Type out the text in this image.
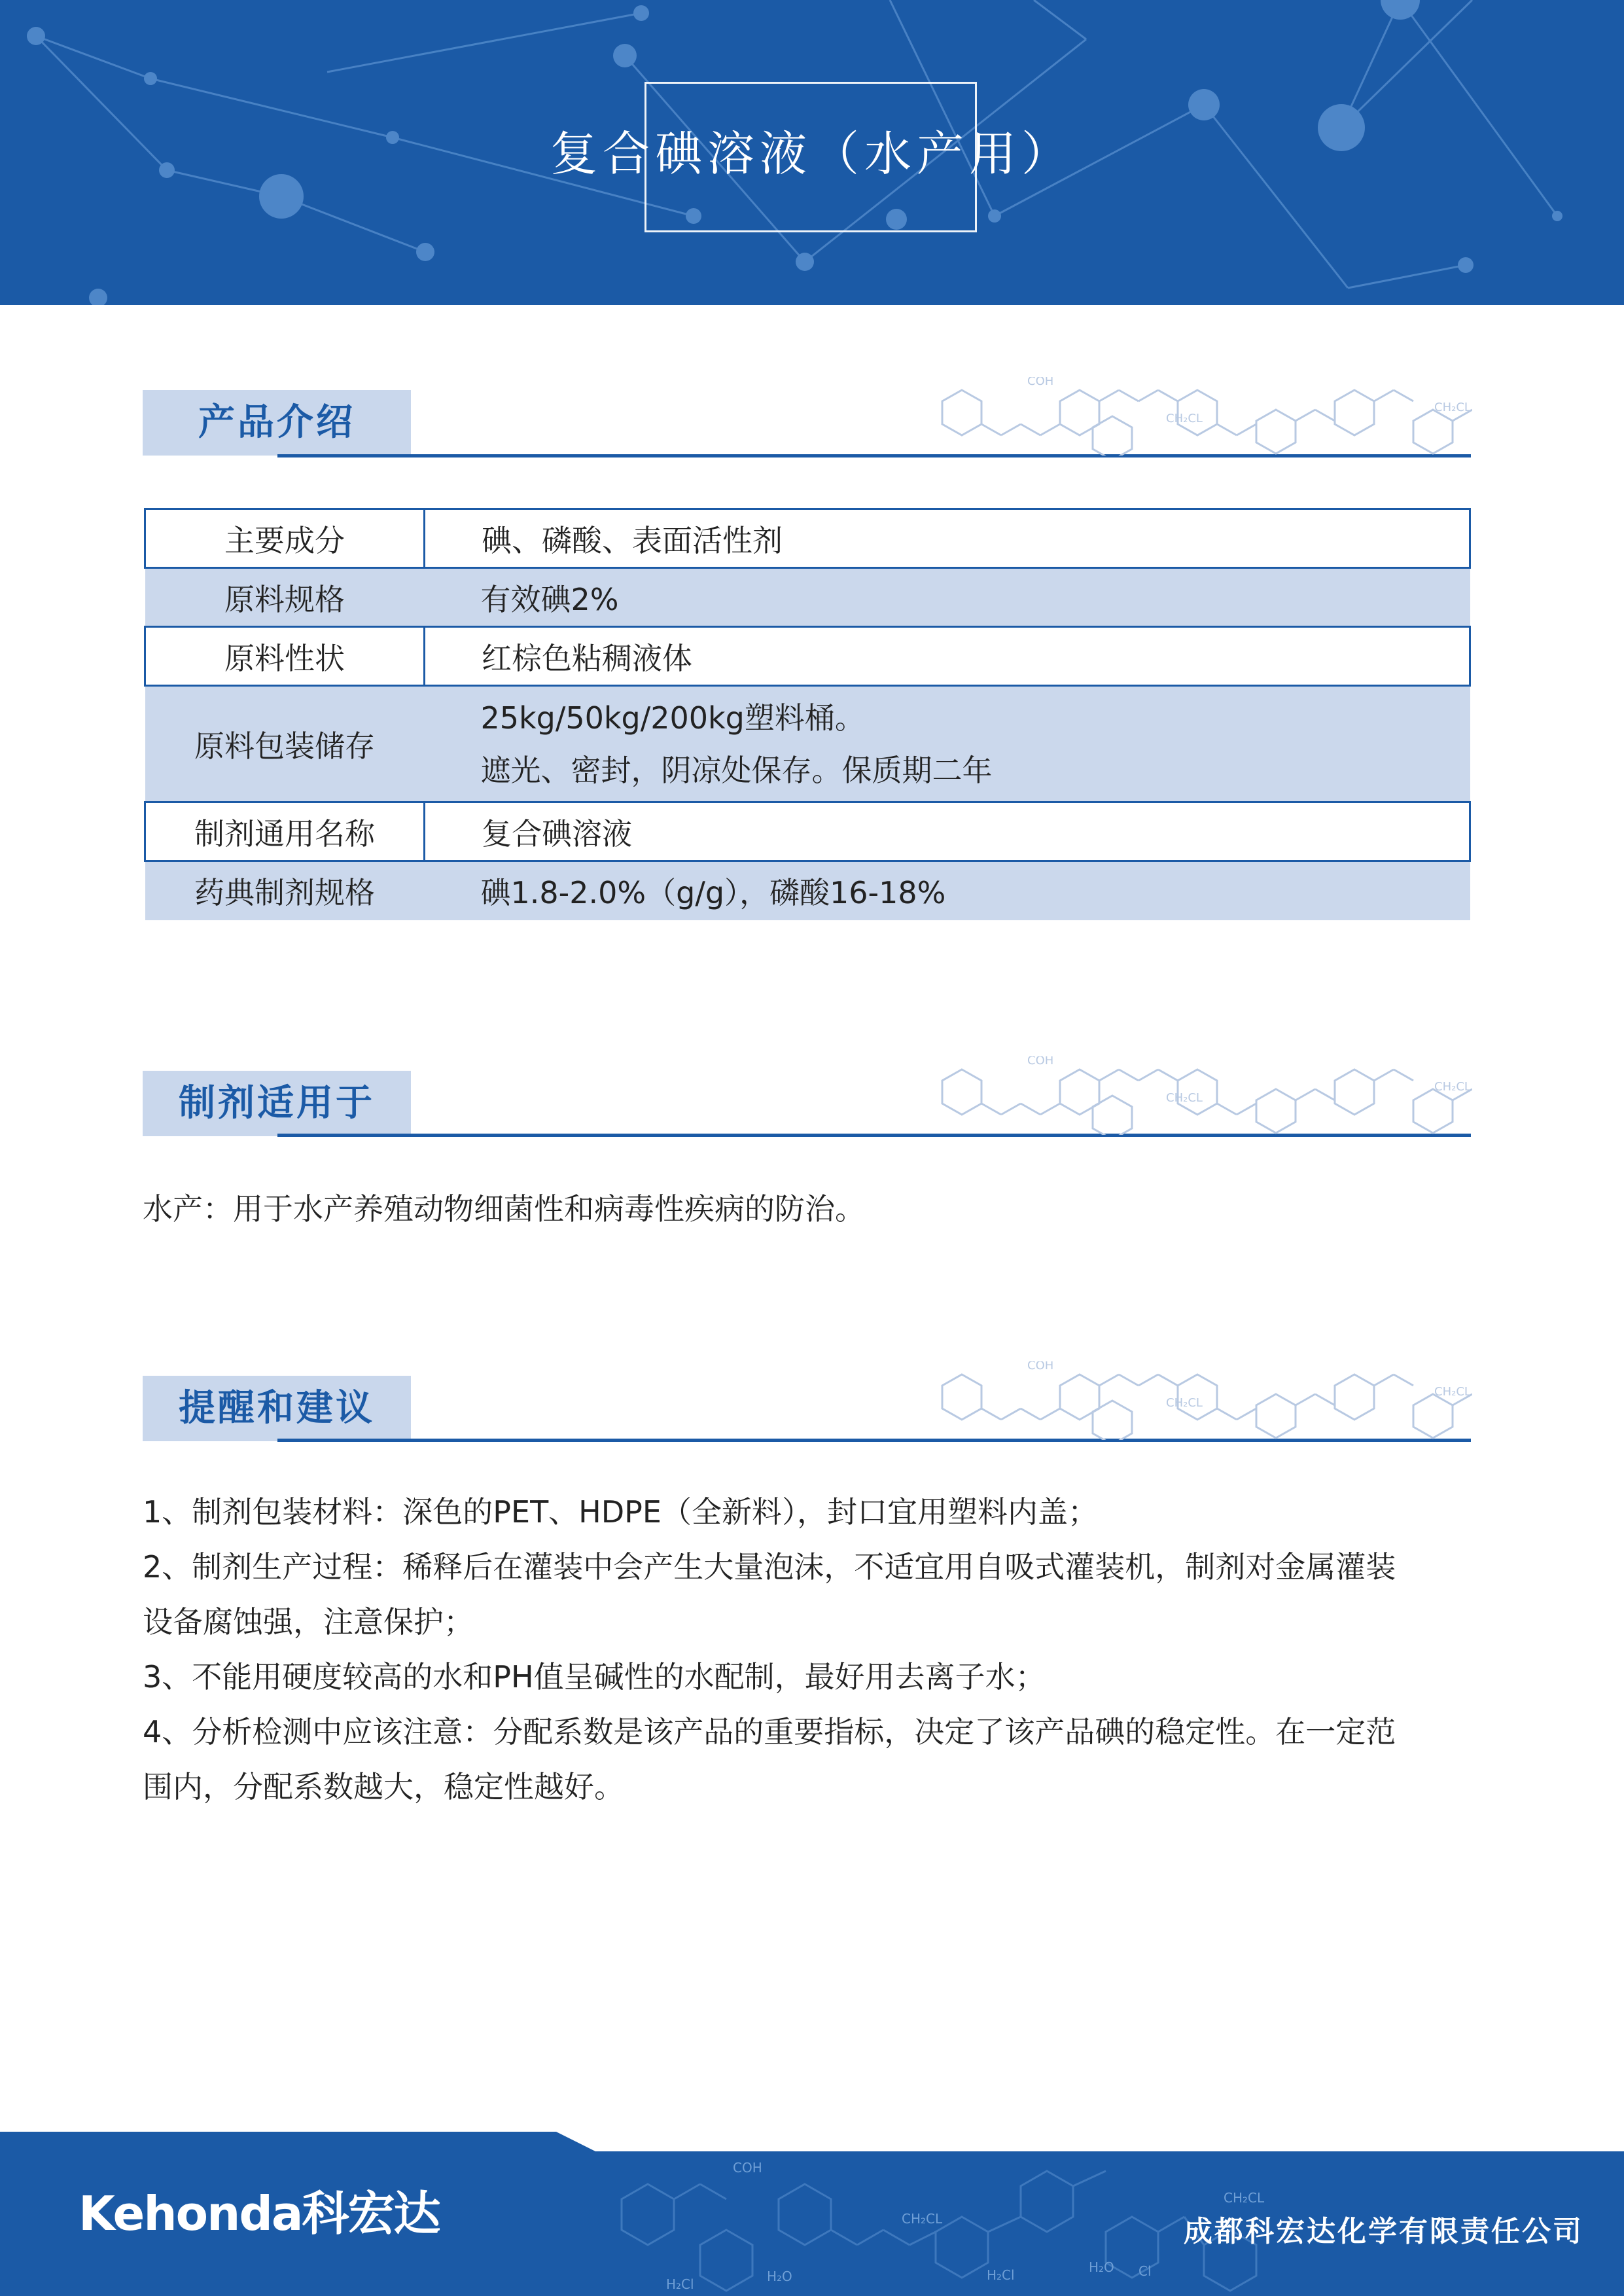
复合碘溶液（水产用）
产品介绍
COH
CH₂CL
CH₂CL
主要成分	碘、磷酸、表面活性剂
原料规格	有效碘2%
原料性状	红棕色粘稠液体
原料包装储存	25kg/50kg/200kg塑料桶。
遮光、密封，阴凉处保存。保质期二年

制剂通用名称	复合碘溶液
药典制剂规格	碘1.8-2.0%（g/g），磷酸16-18%
制剂适用于
COH
CH₂CL
CH₂CL
水产：用于水产养殖动物细菌性和病毒性疾病的防治。
提醒和建议
COH
CH₂CL
CH₂CL
1、制剂包装材料：深色的PET、HDPE（全新料），封口宜用塑料内盖；
2、制剂生产过程：稀释后在灌装中会产生大量泡沫，不适宜用自吸式灌装机，制剂对金属灌装
设备腐蚀强，注意保护；
3、不能用硬度较高的水和PH值呈碱性的水配制，最好用去离子水；
4、分析检测中应该注意：分配系数是该产品的重要指标，决定了该产品碘的稳定性。在一定范
围内，分配系数越大，稳定性越好。
H₂Cl	H₂O	H₂Cl	H₂O
CH₂CL
Cl
CH₂CL
COH
Kehonda科宏达	成都科宏达化学有限责任公司
